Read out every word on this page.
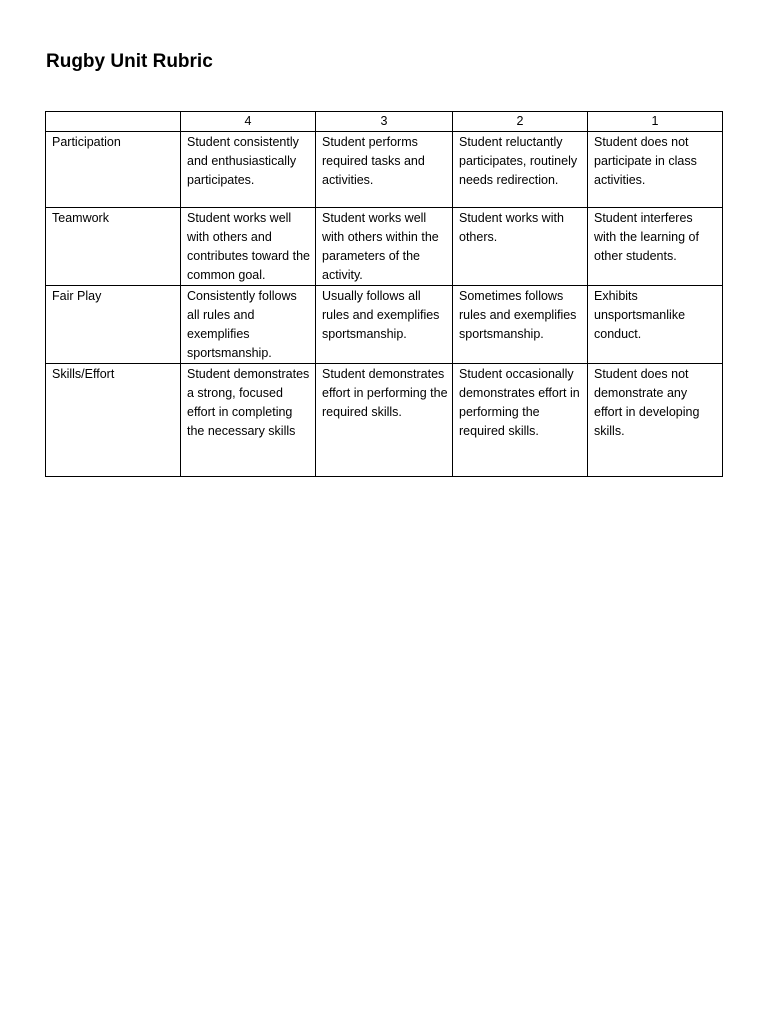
Rugby Unit Rubric
	4	3	2	1
Participation	Student consistently and enthusiastically participates.	Student performs required tasks and activities.	Student reluctantly participates, routinely needs redirection.	Student does not participate in class activities.
Teamwork	Student works well with others and contributes toward the common goal.	Student works well with others within the parameters of the activity.	Student works with others.	Student interferes with the learning of other students.
Fair Play	Consistently follows all rules and exemplifies sportsmanship.	Usually follows all rules and exemplifies sportsmanship.	Sometimes follows rules and exemplifies sportsmanship.	Exhibits unsportsmanlike conduct.
Skills/Effort	Student demonstrates a strong, focused effort in completing the necessary skills	Student demonstrates effort in performing the required skills.	Student occasionally demonstrates effort in performing the required skills.	Student does not demonstrate any effort in developing skills.
